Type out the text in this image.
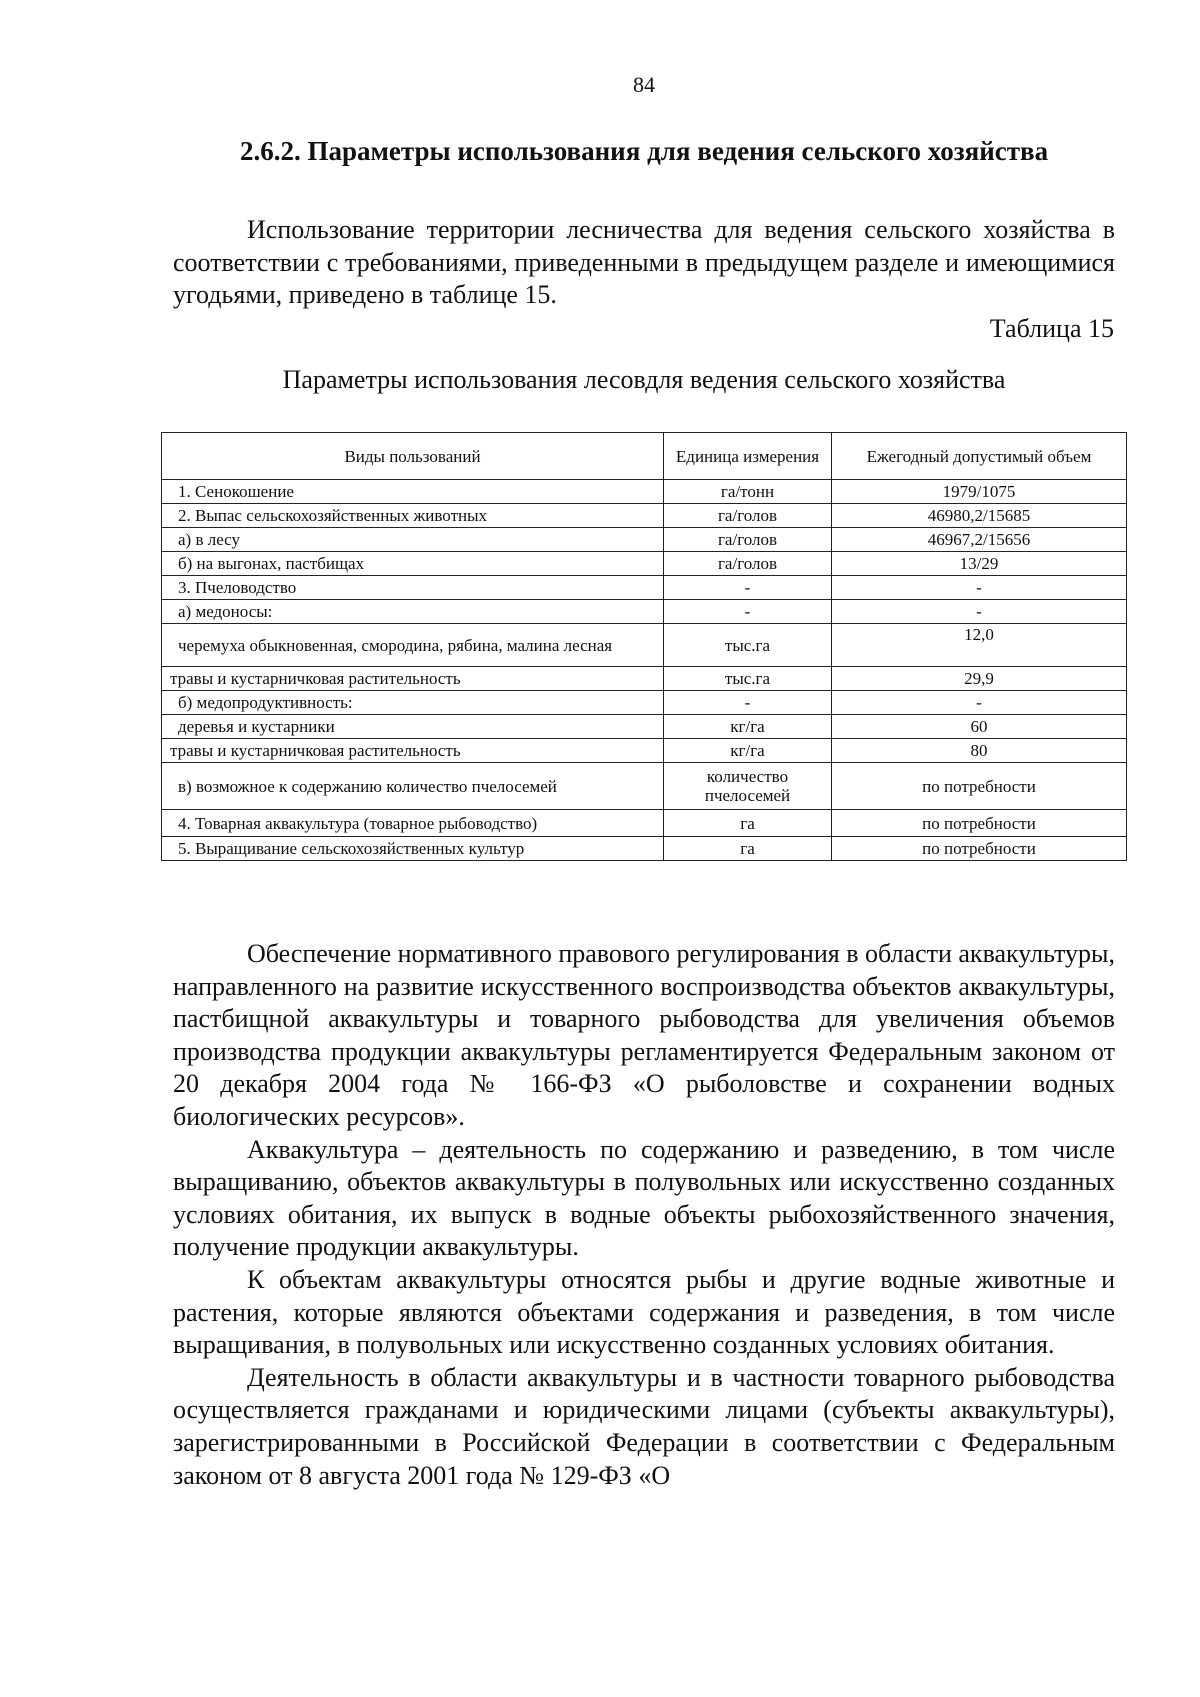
84
2.6.2. Параметры использования для ведения сельского хозяйства

Использование территории лесничества для ведения сельского хозяйства в соответствии с требованиями, приведенными в предыдущем разделе и имеющимися угодьями, приведено в таблице 15.

Таблица 15
Параметры использования лесовдля ведения сельского хозяйства
Виды пользований	Единица измерения	Ежегодный допустимый объем
1. Сенокошение	га/тонн	1979/1075
2. Выпас сельскохозяйственных животных	га/голов	46980,2/15685
а) в лесу	га/голов	46967,2/15656
б) на выгонах, пастбищах	га/голов	13/29
3. Пчеловодство	-	-
а) медоносы:	-	-
черемуха обыкновенная, смородина, рябина, малина лесная	тыс.га	12,0
травы и кустарничковая растительность	тыс.га	29,9
б) медопродуктивность:	-	-
деревья и кустарники	кг/га	60
травы и кустарничковая растительность	кг/га	80
в) возможное к содержанию количество пчелосемей	количество пчелосемей	по потребности
4. Товарная аквакультура (товарное рыбоводство)	га	по потребности
5. Выращивание сельскохозяйственных культур	га	по потребности

Обеспечение нормативного правового регулирования в области аквакультуры, направленного на развитие искусственного воспроизводства объектов аквакультуры, пастбищной аквакультуры и товарного рыбоводства для увеличения объемов производства продукции аквакультуры регламентируется Федеральным законом от 20 декабря 2004 года № 166-ФЗ «О рыболовстве и сохранении водных биологических ресурсов».

Аквакультура – деятельность по содержанию и разведению, в том числе выращиванию, объектов аквакультуры в полувольных или искусственно созданных условиях обитания, их выпуск в водные объекты рыбохозяйственного значения, получение продукции аквакультуры.

К объектам аквакультуры относятся рыбы и другие водные животные и растения, которые являются объектами содержания и разведения, в том числе выращивания, в полувольных или искусственно созданных условиях обитания.

Деятельность в области аквакультуры и в частности товарного рыбоводства осуществляется гражданами и юридическими лицами (субъекты аквакультуры), зарегистрированными в Российской Федерации в соответствии с Федеральным законом от 8 августа 2001 года № 129-ФЗ «О
